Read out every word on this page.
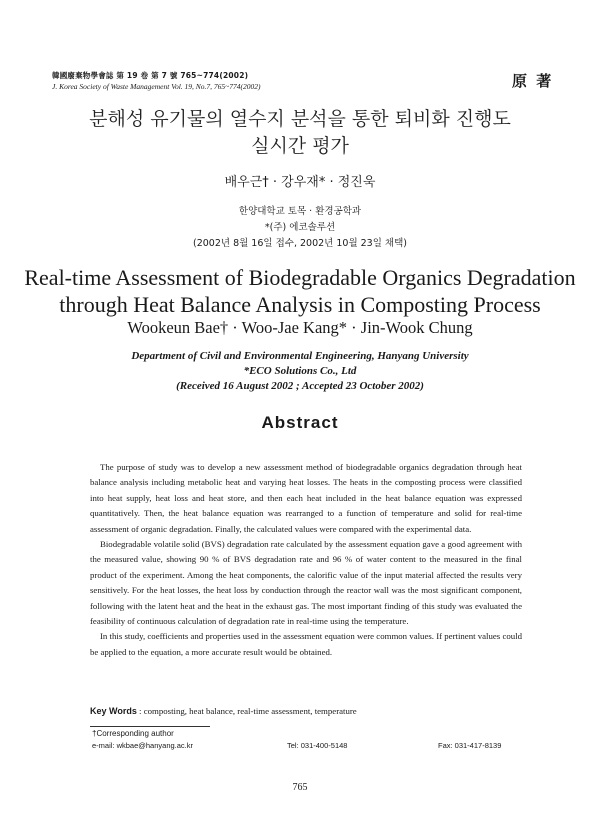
韓國廢棄物學會誌 第 19 卷 第 7 號 765~774(2002)
J. Korea Society of Waste Management Vol. 19, No.7, 765~774(2002)	原 著
분해성 유기물의 열수지 분석을 통한 퇴비화 진행도
실시간 평가
배우근† · 강우재* · 정진욱
한양대학교 토목 · 환경공학과
*(주) 에코솔루션
(2002년 8월 16일 접수, 2002년 10월 23일 채택)
Real-time Assessment of Biodegradable Organics Degradation
through Heat Balance Analysis in Composting Process
Wookeun Bae† · Woo-Jae Kang* · Jin-Wook Chung
Department of Civil and Environmental Engineering, Hanyang University
*ECO Solutions Co., Ltd
(Received 16 August 2002 ; Accepted 23 October 2002)
Abstract

The purpose of study was to develop a new assessment method of biodegradable organics degradation through heat balance analysis including metabolic heat and varying heat losses. The heats in the composting process were classified into heat supply, heat loss and heat store, and then each heat included in the heat balance equation was expressed quantitatively. Then, the heat balance equation was rearranged to a function of temperature and solid for real-time assessment of organic degradation. Finally, the calculated values were compared with the experimental data.

Biodegradable volatile solid (BVS) degradation rate calculated by the assessment equation gave a good agreement with the measured value, showing 90 % of BVS degradation rate and 96 % of water content to the measured in the final product of the experiment. Among the heat components, the calorific value of the input material affected the results very sensitively. For the heat losses, the heat loss by conduction through the reactor wall was the most significant component, following with the latent heat and the heat in the exhaust gas. The most important finding of this study was evaluated the feasibility of continuous calculation of degradation rate in real-time using the temperature.

In this study, coefficients and properties used in the assessment equation were common values. If pertinent values could be applied to the equation, a more accurate result would be obtained.

Key Words : composting, heat balance, real-time assessment, temperature
†Corresponding author
e-mail: wkbae@hanyang.ac.kr	Tel: 031-400-5148	Fax: 031-417-8139
765
